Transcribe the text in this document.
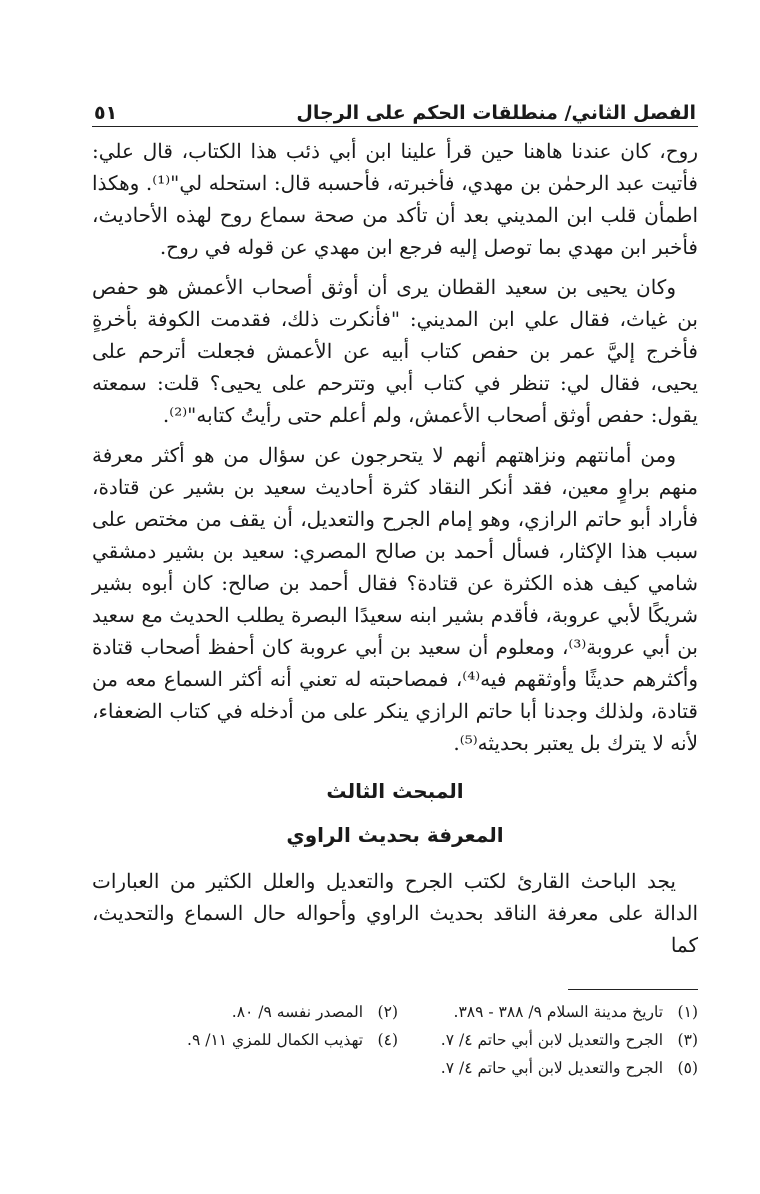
الفصل الثاني/ منطلقات الحكم على الرجال
٥١

روح، كان عندنا هاهنا حين قرأ علينا ابن أبي ذئب هذا الكتاب، قال علي: فأتيت عبد الرحمٰن بن مهدي، فأخبرته، فأحسبه قال: استحله لي"⁽¹⁾. وهكذا اطمأن قلب ابن المديني بعد أن تأكد من صحة سماع روح لهذه الأحاديث، فأخبر ابن مهدي بما توصل إليه فرجع ابن مهدي عن قوله في روح.

وكان يحيى بن سعيد القطان يرى أن أوثق أصحاب الأعمش هو حفص بن غياث، فقال علي ابن المديني: "فأنكرت ذلك، فقدمت الكوفة بأخرةٍ فأخرج إليَّ عمر بن حفص كتاب أبيه عن الأعمش فجعلت أترحم على يحيى، فقال لي: تنظر في كتاب أبي وتترحم على يحيى؟ قلت: سمعته يقول: حفص أوثق أصحاب الأعمش، ولم أعلم حتى رأيتُ كتابه"⁽²⁾.

ومن أمانتهم ونزاهتهم أنهم لا يتحرجون عن سؤال من هو أكثر معرفة منهم براوٍ معين، فقد أنكر النقاد كثرة أحاديث سعيد بن بشير عن قتادة، فأراد أبو حاتم الرازي، وهو إمام الجرح والتعديل، أن يقف من مختص على سبب هذا الإكثار، فسأل أحمد بن صالح المصري: سعيد بن بشير دمشقي شامي كيف هذه الكثرة عن قتادة؟ فقال أحمد بن صالح: كان أبوه بشير شريكًا لأبي عروبة، فأقدم بشير ابنه سعيدًا البصرة يطلب الحديث مع سعيد بن أبي عروبة⁽³⁾، ومعلوم أن سعيد بن أبي عروبة كان أحفظ أصحاب قتادة وأكثرهم حديثًا وأوثقهم فيه⁽⁴⁾، فمصاحبته له تعني أنه أكثر السماع معه من قتادة، ولذلك وجدنا أبا حاتم الرازي ينكر على من أدخله في كتاب الضعفاء، لأنه لا يترك بل يعتبر بحديثه⁽⁵⁾.

المبحث الثالث
المعرفة بحديث الراوي

يجد الباحث القارئ لكتب الجرح والتعديل والعلل الكثير من العبارات الدالة على معرفة الناقد بحديث الراوي وأحواله حال السماع والتحديث، كما

(١) تاريخ مدينة السلام ٩/ ٣٨٨ - ٣٨٩.
(٢) المصدر نفسه ٩/ ٨٠.
(٣) الجرح والتعديل لابن أبي حاتم ٤/ ٧.
(٤) تهذيب الكمال للمزي ١١/ ٩.
(٥) الجرح والتعديل لابن أبي حاتم ٤/ ٧.
